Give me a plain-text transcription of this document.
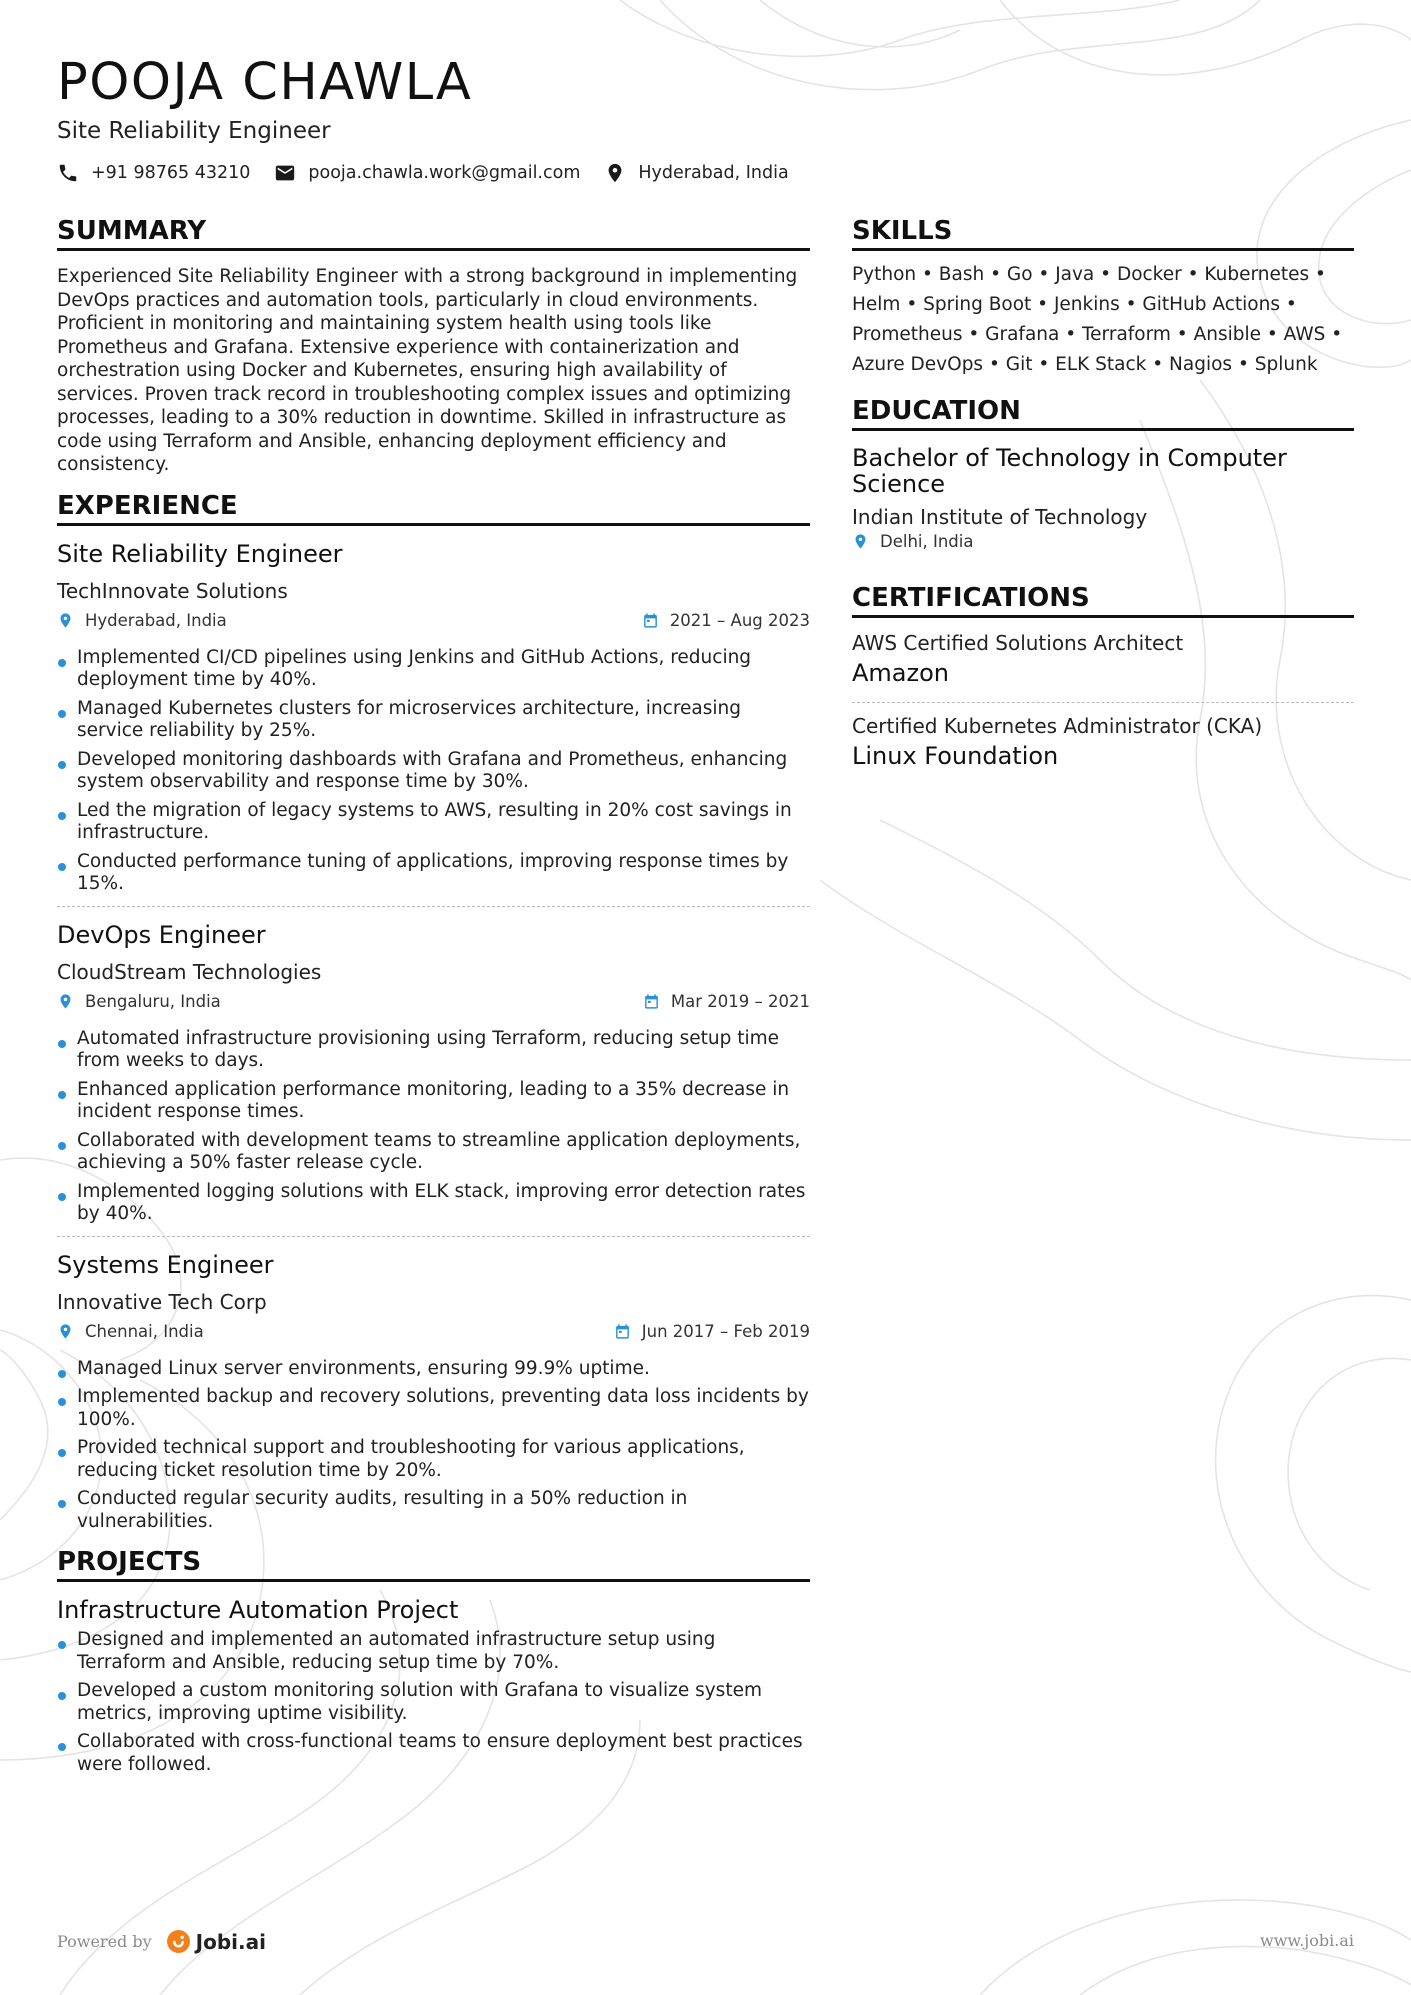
POOJA CHAWLA
Site Reliability Engineer
+91 98765 43210	pooja.chawla.work@gmail.com	Hyderabad, India
SUMMARY
Experienced Site Reliability Engineer with a strong background in implementing DevOps practices and automation tools, particularly in cloud environments. Proficient in monitoring and maintaining system health using tools like Prometheus and Grafana. Extensive experience with containerization and orchestration using Docker and Kubernetes, ensuring high availability of services. Proven track record in troubleshooting complex issues and optimizing processes, leading to a 30% reduction in downtime. Skilled in infrastructure as code using Terraform and Ansible, enhancing deployment efficiency and consistency.
EXPERIENCE
Site Reliability Engineer
TechInnovate Solutions
Hyderabad, India	2021 – Aug 2023
Implemented CI/CD pipelines using Jenkins and GitHub Actions, reducing deployment time by 40%.
Managed Kubernetes clusters for microservices architecture, increasing service reliability by 25%.
Developed monitoring dashboards with Grafana and Prometheus, enhancing system observability and response time by 30%.
Led the migration of legacy systems to AWS, resulting in 20% cost savings in infrastructure.
Conducted performance tuning of applications, improving response times by 15%.
DevOps Engineer
CloudStream Technologies
Bengaluru, India	Mar 2019 – 2021
Automated infrastructure provisioning using Terraform, reducing setup time from weeks to days.
Enhanced application performance monitoring, leading to a 35% decrease in incident response times.
Collaborated with development teams to streamline application deployments, achieving a 50% faster release cycle.
Implemented logging solutions with ELK stack, improving error detection rates by 40%.
Systems Engineer
Innovative Tech Corp
Chennai, India	Jun 2017 – Feb 2019
Managed Linux server environments, ensuring 99.9% uptime.
Implemented backup and recovery solutions, preventing data loss incidents by 100%.
Provided technical support and troubleshooting for various applications, reducing ticket resolution time by 20%.
Conducted regular security audits, resulting in a 50% reduction in vulnerabilities.
PROJECTS
Infrastructure Automation Project
Designed and implemented an automated infrastructure setup using Terraform and Ansible, reducing setup time by 70%.
Developed a custom monitoring solution with Grafana to visualize system metrics, improving uptime visibility.
Collaborated with cross-functional teams to ensure deployment best practices were followed.
SKILLS
Python • Bash • Go • Java • Docker • Kubernetes • Helm • Spring Boot • Jenkins • GitHub Actions • Prometheus • Grafana • Terraform • Ansible • AWS • Azure DevOps • Git • ELK Stack • Nagios • Splunk
EDUCATION
Bachelor of Technology in Computer Science
Indian Institute of Technology
Delhi, India
CERTIFICATIONS
AWS Certified Solutions Architect
Amazon
Certified Kubernetes Administrator (CKA)
Linux Foundation
Powered by Jobi.ai	www.jobi.ai
